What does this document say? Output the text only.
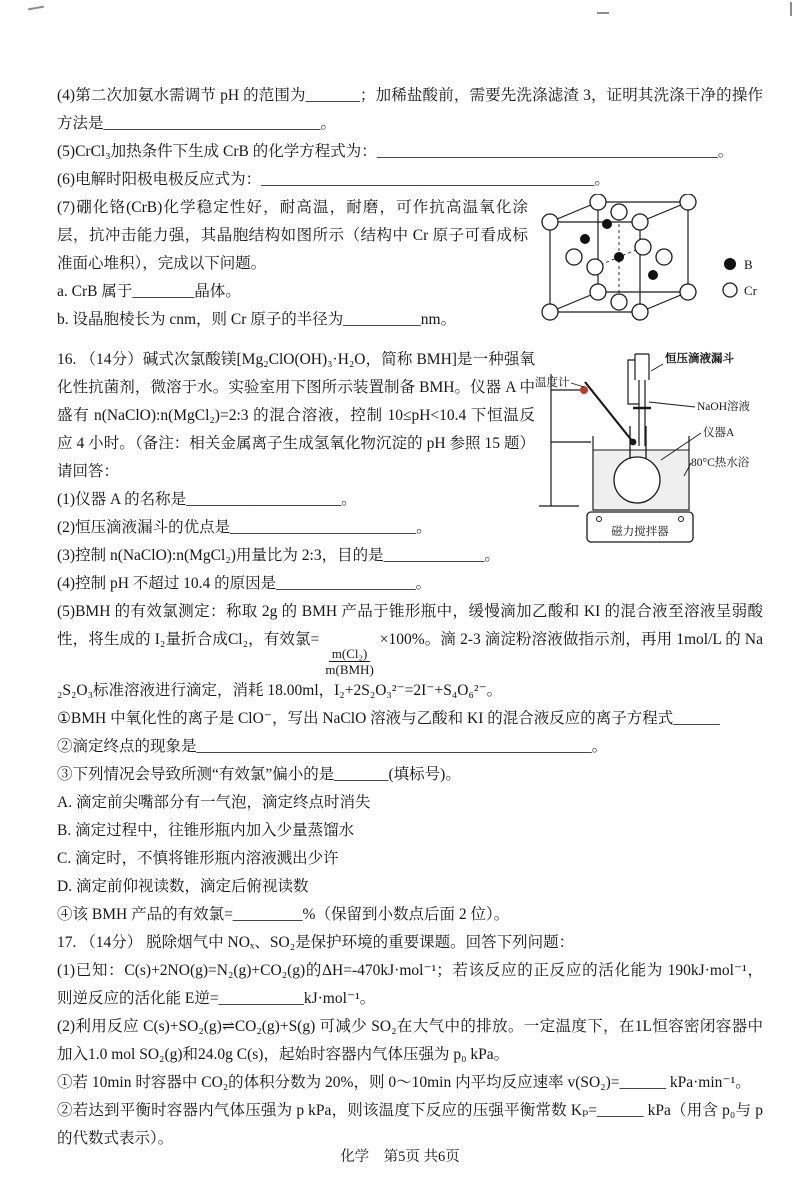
(4)第二次加氨水需调节 pH 的范围为_______；加稀盐酸前，需要先洗涤滤渣 3，证明其洗涤干净的操作方法是____________________________。

(5)CrCl₃加热条件下生成 CrB 的化学方程式为：____________________________________________。

(6)电解时阳极电极反应式为：___________________________________________。

B
Cr

(7)硼化铬(CrB)化学稳定性好，耐高温，耐磨，可作抗高温氧化涂层，抗冲击能力强，其晶胞结构如图所示（结构中 Cr 原子可看成标准面心堆积），完成以下问题。

a. CrB 属于________晶体。

b. 设晶胞棱长为 cnm，则 Cr 原子的半径为__________nm。

磁力搅拌器
恒压滴液漏斗
温度计
NaOH溶液
仪器A
80°C热水浴

16. （14分）碱式次氯酸镁[Mg₂ClO(OH)₃·H₂O，简称 BMH]是一种强氧化性抗菌剂，微溶于水。实验室用下图所示装置制备 BMH。仪器 A 中盛有 n(NaClO):n(MgCl₂)=2:3 的混合溶液，控制 10≤pH<10.4 下恒温反应 4 小时。（备注：相关金属离子生成氢氧化物沉淀的 pH 参照 15 题）请回答：

(1)仪器 A 的名称是____________________。

(2)恒压滴液漏斗的优点是________________________。

(3)控制 n(NaClO):n(MgCl₂)用量比为 2:3，目的是_____________。

(4)控制 pH 不超过 10.4 的原因是__________________。

(5)BMH 的有效氯测定：称取 2g 的 BMH 产品于锥形瓶中，缓慢滴加乙酸和 KI 的混合液至溶液呈弱酸性，将生成的 I₂量折合成Cl₂，有效氯=
$\frac{\text{m(Cl₂)}}{\text{m(BMH)}}$
×100%。滴 2-3 滴淀粉溶液做指示剂，再用 1mol/L 的 Na₂S₂O₃标准溶液进行滴定，消耗 18.00ml，I₂+2S₂O₃²⁻=2I⁻+S₄O₆²⁻。

①BMH 中氧化性的离子是 ClO⁻，写出 NaClO 溶液与乙酸和 KI 的混合液反应的离子方程式______

②滴定终点的现象是___________________________________________________。

③下列情况会导致所测“有效氯”偏小的是_______(填标号)。

A. 滴定前尖嘴部分有一气泡，滴定终点时消失

B. 滴定过程中，往锥形瓶内加入少量蒸馏水

C. 滴定时，不慎将锥形瓶内溶液溅出少许

D. 滴定前仰视读数，滴定后俯视读数

④该 BMH 产品的有效氯=_________%（保留到小数点后面 2 位）。

17. （14分） 脱除烟气中 NOₓ、SO₂是保护环境的重要课题。回答下列问题：

(1)已知：C(s)+2NO(g)=N₂(g)+CO₂(g)的ΔH=-470kJ·mol⁻¹；若该反应的正反应的活化能为 190kJ·mol⁻¹，则逆反应的活化能 E逆=___________kJ·mol⁻¹。

(2)利用反应 C(s)+SO₂(g)⇌CO₂(g)+S(g) 可减少 SO₂在大气中的排放。一定温度下，在1L恒容密闭容器中加入1.0 mol SO₂(g)和24.0g C(s)，起始时容器内气体压强为 p₀ kPa。

①若 10min 时容器中 CO₂的体积分数为 20%，则 0～10min 内平均反应速率 v(SO₂)=______ kPa·min⁻¹。

②若达到平衡时容器内气体压强为 p kPa，则该温度下反应的压强平衡常数 Kₚ=______ kPa（用含 p₀与 p 的代数式表示）。

化学　第5页 共6页
